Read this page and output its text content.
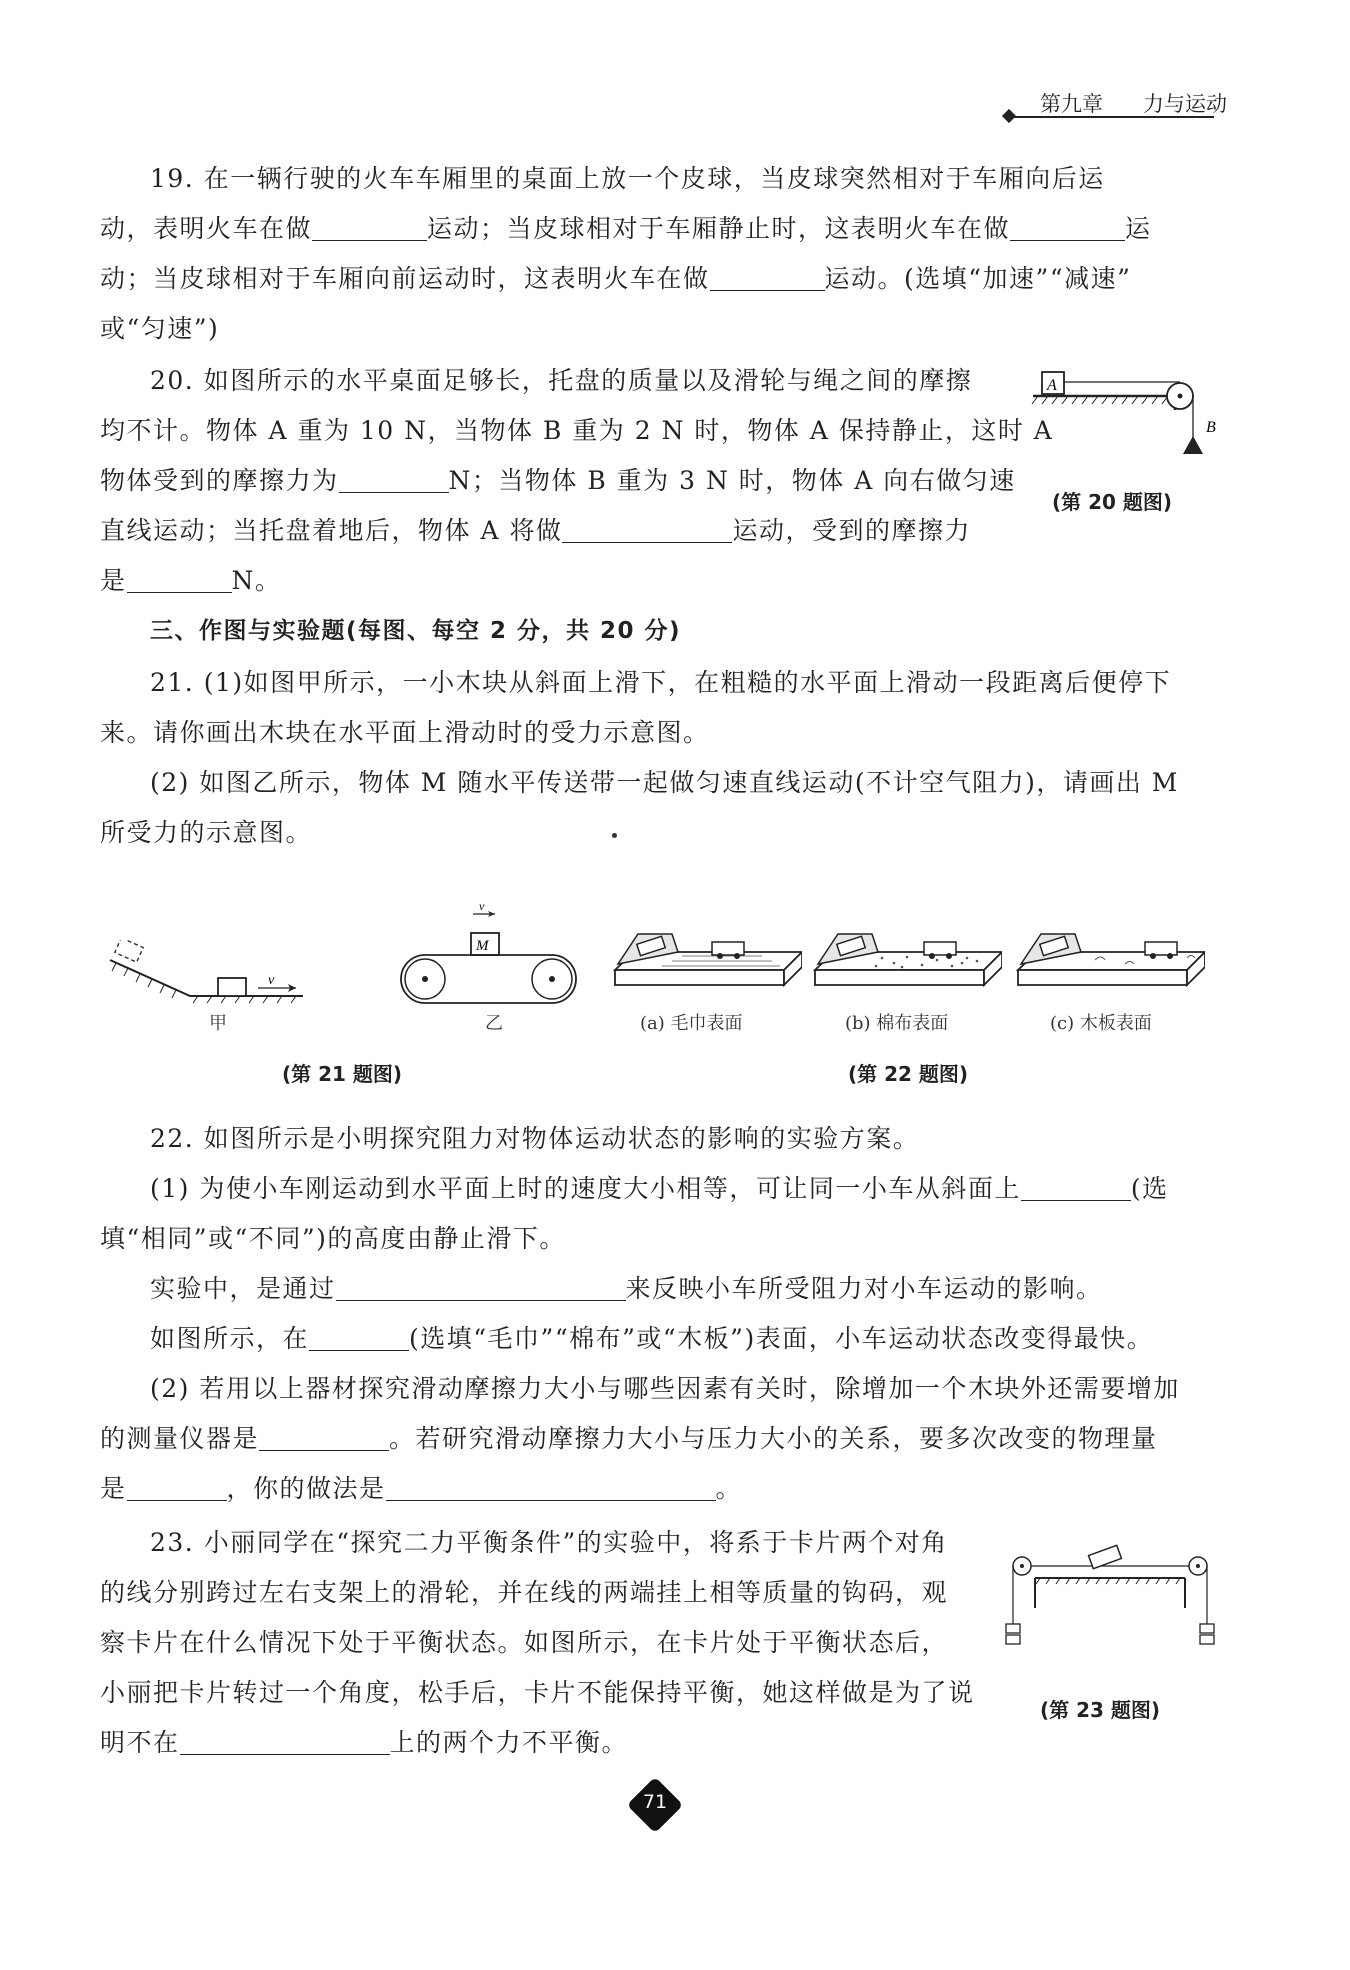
第九章 力与运动
19. 在一辆行驶的火车车厢里的桌面上放一个皮球，当皮球突然相对于车厢向后运
动，表明火车在做	运动；当皮球相对于车厢静止时，这表明火车在做	运
动；当皮球相对于车厢向前运动时，这表明火车在做	运动。(选填“加速”“减速”
或“匀速”)
20. 如图所示的水平桌面足够长，托盘的质量以及滑轮与绳之间的摩擦
均不计。物体 A 重为 10 N，当物体 B 重为 2 N 时，物体 A 保持静止，这时 A
物体受到的摩擦力为	N；当物体 B 重为 3 N 时，物体 A 向右做匀速
直线运动；当托盘着地后，物体 A 将做	运动，受到的摩擦力
是	N。
A
B
(第 20 题图)
三、作图与实验题(每图、每空 2 分，共 20 分)
21. (1)如图甲所示，一小木块从斜面上滑下，在粗糙的水平面上滑动一段距离后便停下
来。请你画出木块在水平面上滑动时的受力示意图。
(2) 如图乙所示，物体 M 随水平传送带一起做匀速直线运动(不计空气阻力)，请画出 M
所受力的示意图。
v
甲
v
M
乙
(第 21 题图)
(a) 毛巾表面	(b) 棉布表面	(c) 木板表面
(第 22 题图)
22. 如图所示是小明探究阻力对物体运动状态的影响的实验方案。
(1) 为使小车刚运动到水平面上时的速度大小相等，可让同一小车从斜面上	(选
填“相同”或“不同”)的高度由静止滑下。
实验中，是通过	来反映小车所受阻力对小车运动的影响。
如图所示，在	(选填“毛巾”“棉布”或“木板”)表面，小车运动状态改变得最快。
(2) 若用以上器材探究滑动摩擦力大小与哪些因素有关时，除增加一个木块外还需要增加
的测量仪器是	。若研究滑动摩擦力大小与压力大小的关系，要多次改变的物理量
是	，你的做法是	。
23. 小丽同学在“探究二力平衡条件”的实验中，将系于卡片两个对角
的线分别跨过左右支架上的滑轮，并在线的两端挂上相等质量的钩码，观
察卡片在什么情况下处于平衡状态。如图所示，在卡片处于平衡状态后，
小丽把卡片转过一个角度，松手后，卡片不能保持平衡，她这样做是为了说
明不在	上的两个力不平衡。
(第 23 题图)
71
